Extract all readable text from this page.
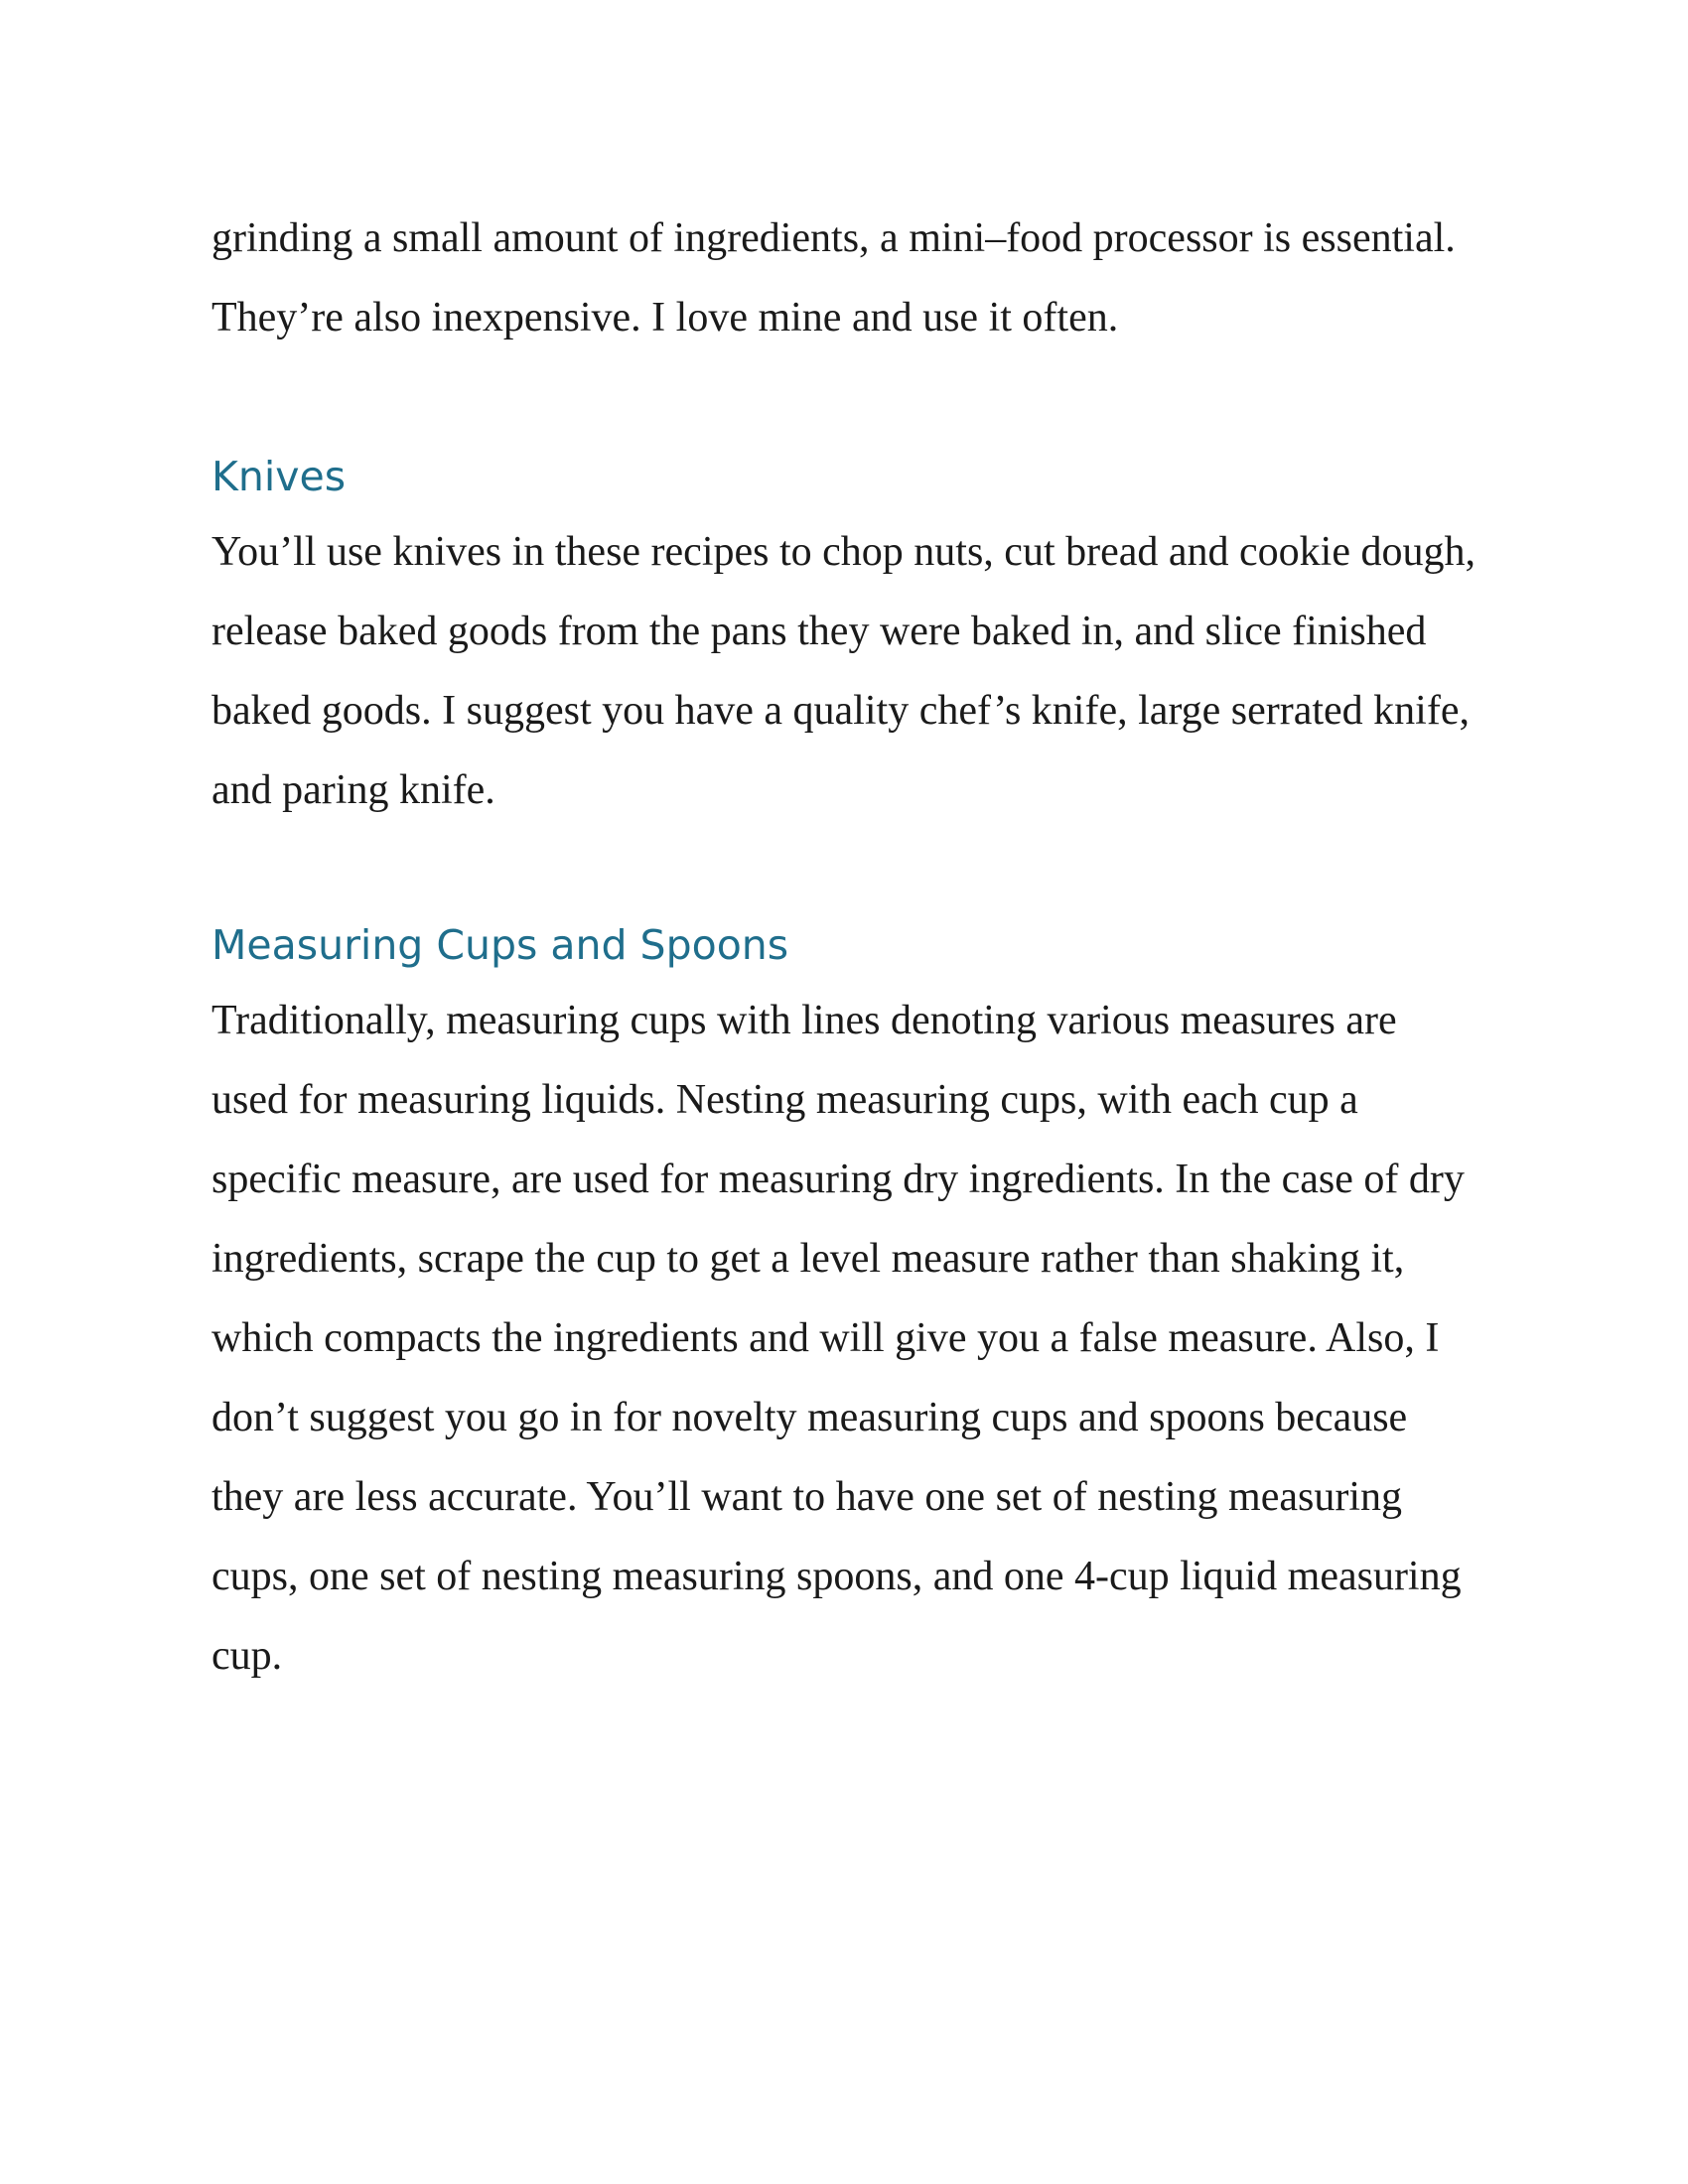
grinding a small amount of ingredients, a mini–food processor is essential. They’re also inexpensive. I love mine and use it often.

Knives

You’ll use knives in these recipes to chop nuts, cut bread and cookie dough, release baked goods from the pans they were baked in, and slice finished baked goods. I suggest you have a quality chef’s knife, large serrated knife, and paring knife.

Measuring Cups and Spoons

Traditionally, measuring cups with lines denoting various measures are used for measuring liquids. Nesting measuring cups, with each cup a specific measure, are used for measuring dry ingredients. In the case of dry ingredients, scrape the cup to get a level measure rather than shaking it, which compacts the ingredients and will give you a false measure. Also, I don’t suggest you go in for novelty measuring cups and spoons because they are less accurate. You’ll want to have one set of nesting measuring cups, one set of nesting measuring spoons, and one 4-cup liquid measuring cup.
